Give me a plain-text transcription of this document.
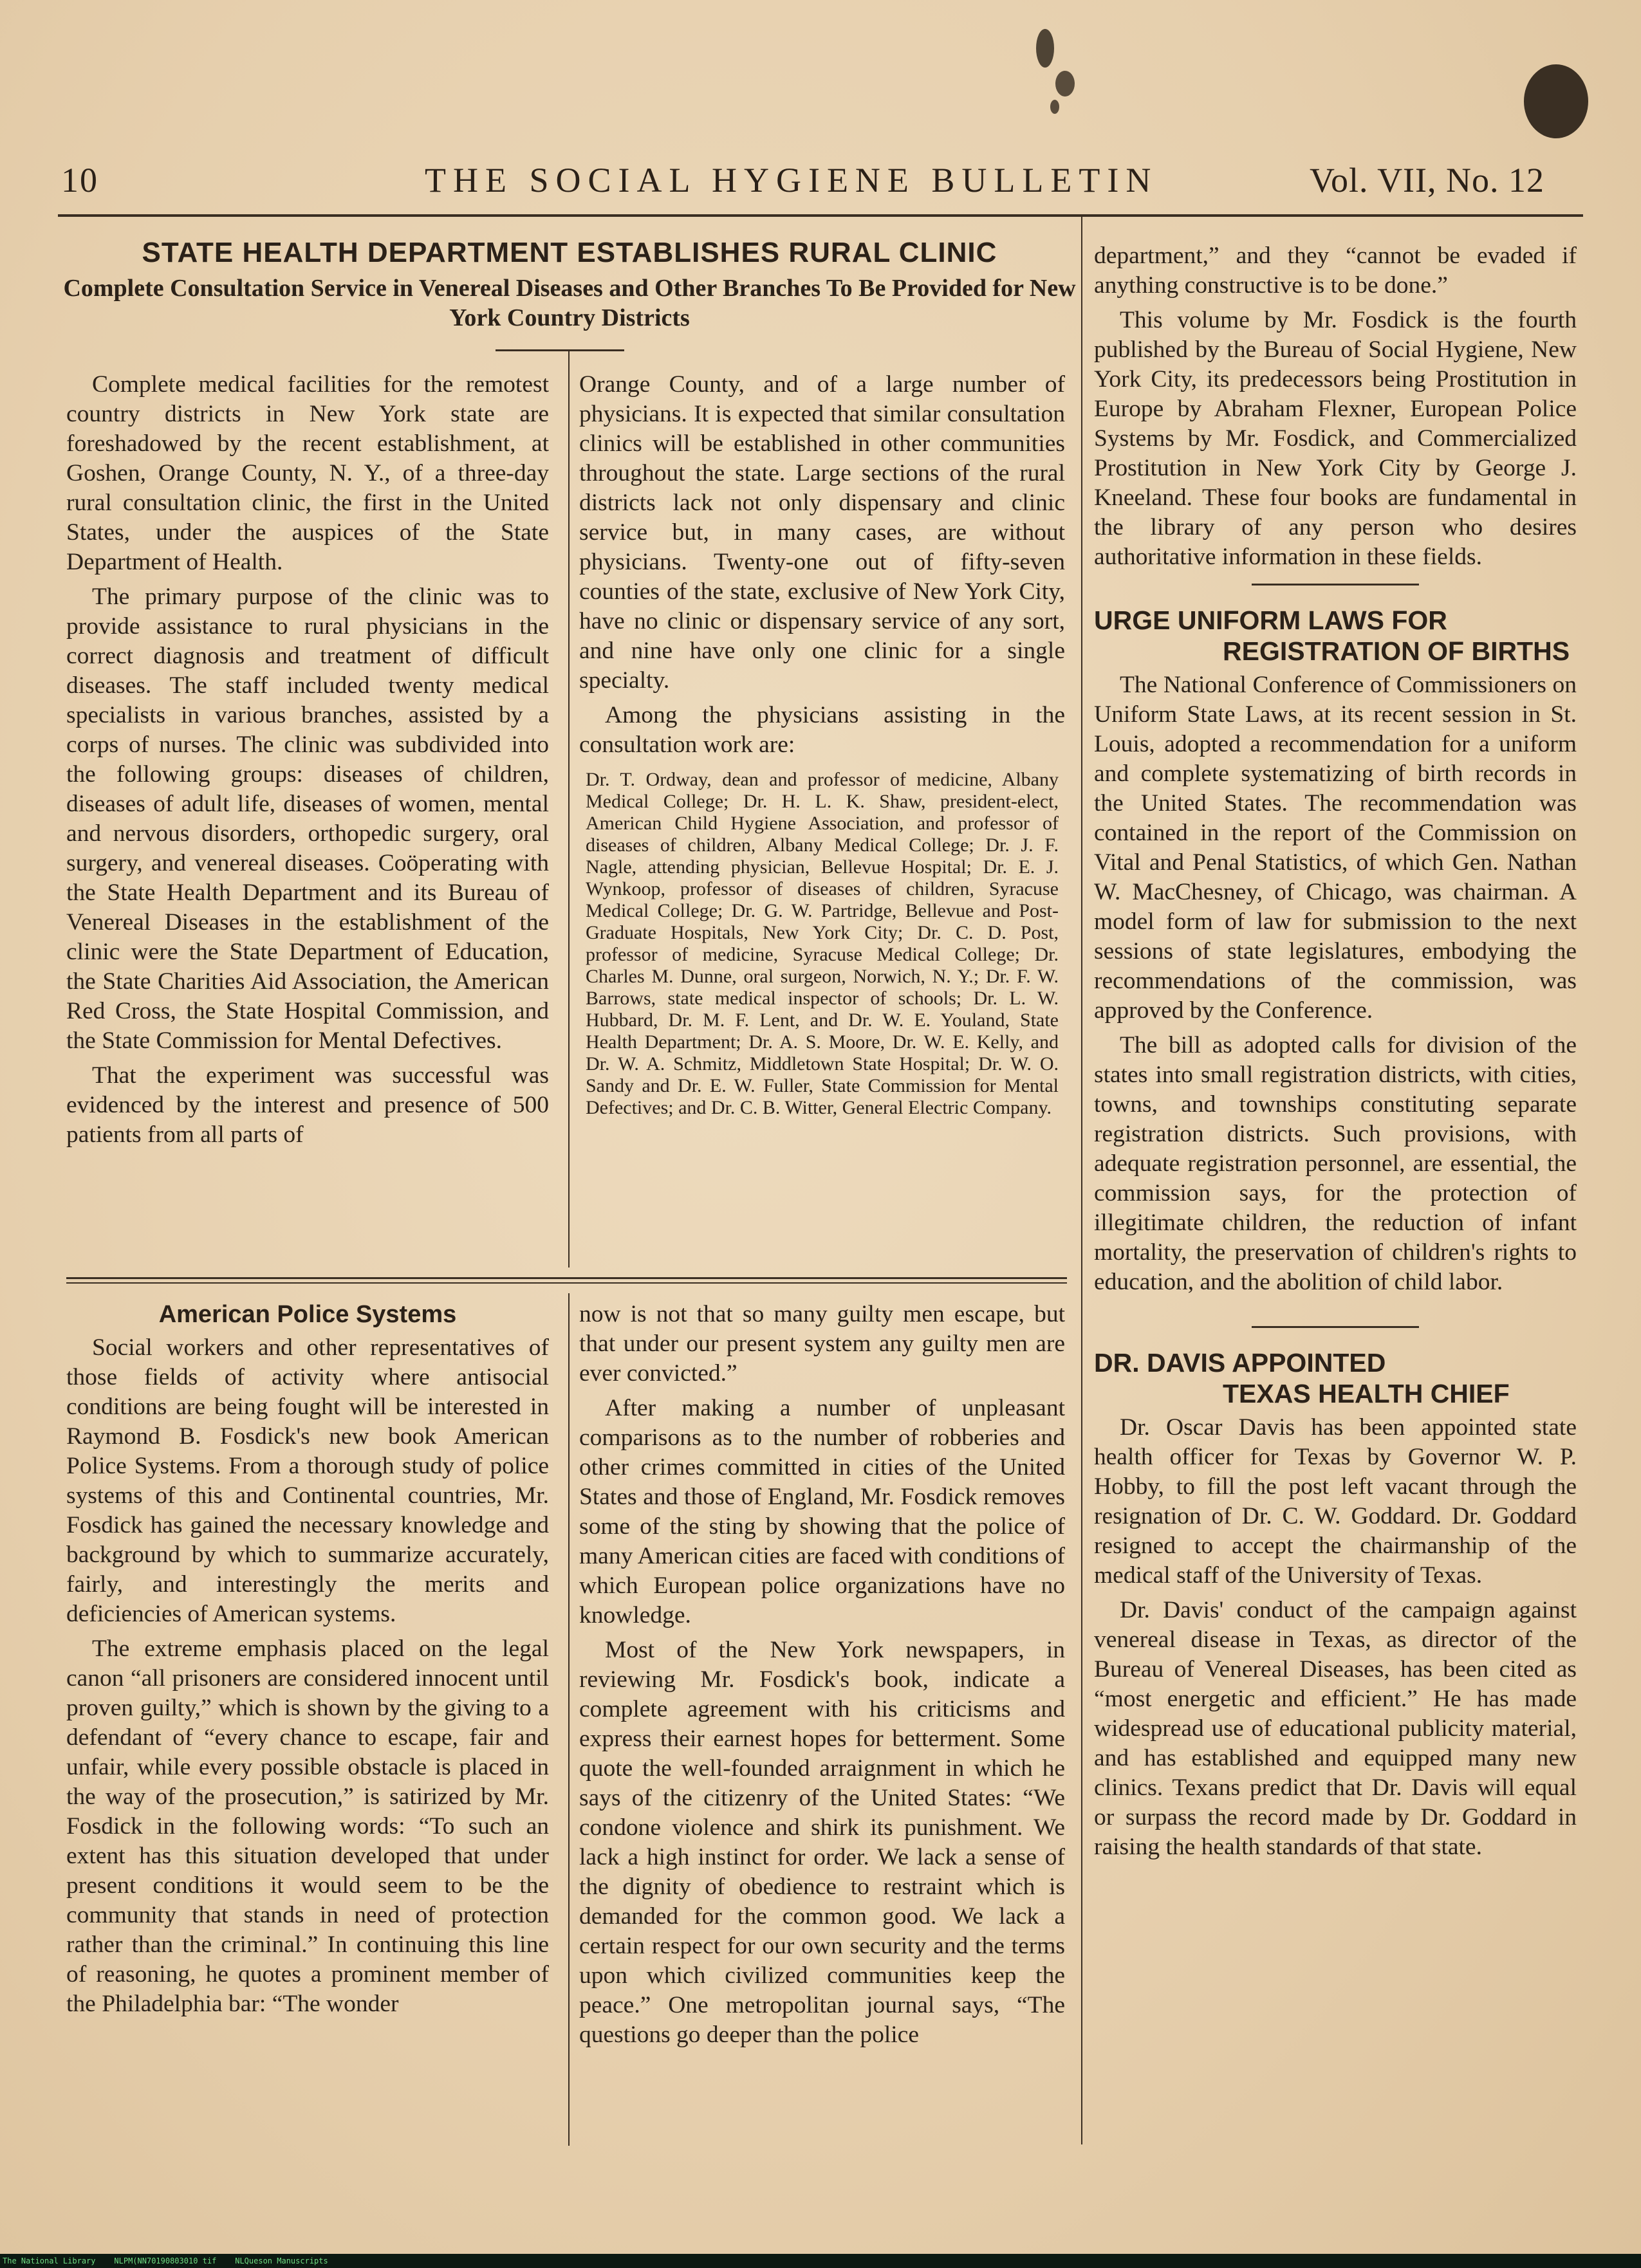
10	THE SOCIAL HYGIENE BULLETIN	Vol. VII, No. 12
STATE HEALTH DEPARTMENT ESTABLISHES RURAL CLINIC
Complete Consultation Service in Venereal Diseases and Other Branches To Be Provided for New York Country Districts

Complete medical facilities for the remotest country districts in New York state are foreshadowed by the recent establishment, at Goshen, Orange County, N. Y., of a three-day rural consultation clinic, the first in the United States, under the auspices of the State Department of Health.

The primary purpose of the clinic was to provide assistance to rural physicians in the correct diagnosis and treatment of difficult diseases. The staff included twenty medical specialists in various branches, assisted by a corps of nurses. The clinic was subdivided into the following groups: diseases of children, diseases of adult life, diseases of women, mental and nervous disorders, orthopedic surgery, oral surgery, and venereal diseases. Coöperating with the State Health Department and its Bureau of Venereal Diseases in the establishment of the clinic were the State Department of Education, the State Charities Aid Association, the American Red Cross, the State Hospital Commission, and the State Commission for Mental Defectives.

That the experiment was successful was evidenced by the interest and presence of 500 patients from all parts of

Orange County, and of a large number of physicians. It is expected that similar consultation clinics will be established in other communities throughout the state. Large sections of the rural districts lack not only dispensary and clinic service but, in many cases, are without physicians. Twenty-one out of fifty-seven counties of the state, exclusive of New York City, have no clinic or dispensary service of any sort, and nine have only one clinic for a single specialty.

Among the physicians assisting in the consultation work are:

Dr. T. Ordway, dean and professor of medicine, Albany Medical College; Dr. H. L. K. Shaw, president-elect, American Child Hygiene Association, and professor of diseases of children, Albany Medical College; Dr. J. F. Nagle, attending physician, Bellevue Hospital; Dr. E. J. Wynkoop, professor of diseases of children, Syracuse Medical College; Dr. G. W. Partridge, Bellevue and Post-Graduate Hospitals, New York City; Dr. C. D. Post, professor of medicine, Syracuse Medical College; Dr. Charles M. Dunne, oral surgeon, Norwich, N. Y.; Dr. F. W. Barrows, state medical inspector of schools; Dr. L. W. Hubbard, Dr. M. F. Lent, and Dr. W. E. Youland, State Health Department; Dr. A. S. Moore, Dr. W. E. Kelly, and Dr. W. A. Schmitz, Middletown State Hospital; Dr. W. O. Sandy and Dr. E. W. Fuller, State Commission for Mental Defectives; and Dr. C. B. Witter, General Electric Company.

American Police Systems

Social workers and other representatives of those fields of activity where antisocial conditions are being fought will be interested in Raymond B. Fosdick's new book American Police Systems. From a thorough study of police systems of this and Continental countries, Mr. Fosdick has gained the necessary knowledge and background by which to summarize accurately, fairly, and interestingly the merits and deficiencies of American systems.

The extreme emphasis placed on the legal canon “all prisoners are considered innocent until proven guilty,” which is shown by the giving to a defendant of “every chance to escape, fair and unfair, while every possible obstacle is placed in the way of the prosecution,” is satirized by Mr. Fosdick in the following words: “To such an extent has this situation developed that under present conditions it would seem to be the community that stands in need of protection rather than the criminal.” In continuing this line of reasoning, he quotes a prominent member of the Philadelphia bar: “The wonder

now is not that so many guilty men escape, but that under our present system any guilty men are ever convicted.”

After making a number of unpleasant comparisons as to the number of robberies and other crimes committed in cities of the United States and those of England, Mr. Fosdick removes some of the sting by showing that the police of many American cities are faced with conditions of which European police organizations have no knowledge.

Most of the New York newspapers, in reviewing Mr. Fosdick's book, indicate a complete agreement with his criticisms and express their earnest hopes for betterment. Some quote the well-founded arraignment in which he says of the citizenry of the United States: “We condone violence and shirk its punishment. We lack a high instinct for order. We lack a sense of the dignity of obedience to restraint which is demanded for the common good. We lack a certain respect for our own security and the terms upon which civilized communities keep the peace.” One metropolitan journal says, “The questions go deeper than the police

department,” and they “cannot be evaded if anything constructive is to be done.”

This volume by Mr. Fosdick is the fourth published by the Bureau of Social Hygiene, New York City, its predecessors being Prostitution in Europe by Abraham Flexner, European Police Systems by Mr. Fosdick, and Commercialized Prostitution in New York City by George J. Kneeland. These four books are fundamental in the library of any person who desires authoritative information in these fields.

URGE UNIFORM LAWS FOR
REGISTRATION OF BIRTHS

The National Conference of Commissioners on Uniform State Laws, at its recent session in St. Louis, adopted a recommendation for a uniform and complete systematizing of birth records in the United States. The recommendation was contained in the report of the Commission on Vital and Penal Statistics, of which Gen. Nathan W. MacChesney, of Chicago, was chairman. A model form of law for submission to the next sessions of state legislatures, embodying the recommendations of the commission, was approved by the Conference.

The bill as adopted calls for division of the states into small registration districts, with cities, towns, and townships constituting separate registration districts. Such provisions, with adequate registration personnel, are essential, the commission says, for the protection of illegitimate children, the reduction of infant mortality, the preservation of children's rights to education, and the abolition of child labor.

DR. DAVIS APPOINTED
TEXAS HEALTH CHIEF

Dr. Oscar Davis has been appointed state health officer for Texas by Governor W. P. Hobby, to fill the post left vacant through the resignation of Dr. C. W. Goddard. Dr. Goddard resigned to accept the chairmanship of the medical staff of the University of Texas.

Dr. Davis' conduct of the campaign against venereal disease in Texas, as director of the Bureau of Venereal Diseases, has been cited as “most energetic and efficient.” He has made widespread use of educational publicity material, and has established and equipped many new clinics. Texans predict that Dr. Davis will equal or surpass the record made by Dr. Goddard in raising the health standards of that state.

The National Library    NLPM(NN70190803010 tif    NLQueson Manuscripts
